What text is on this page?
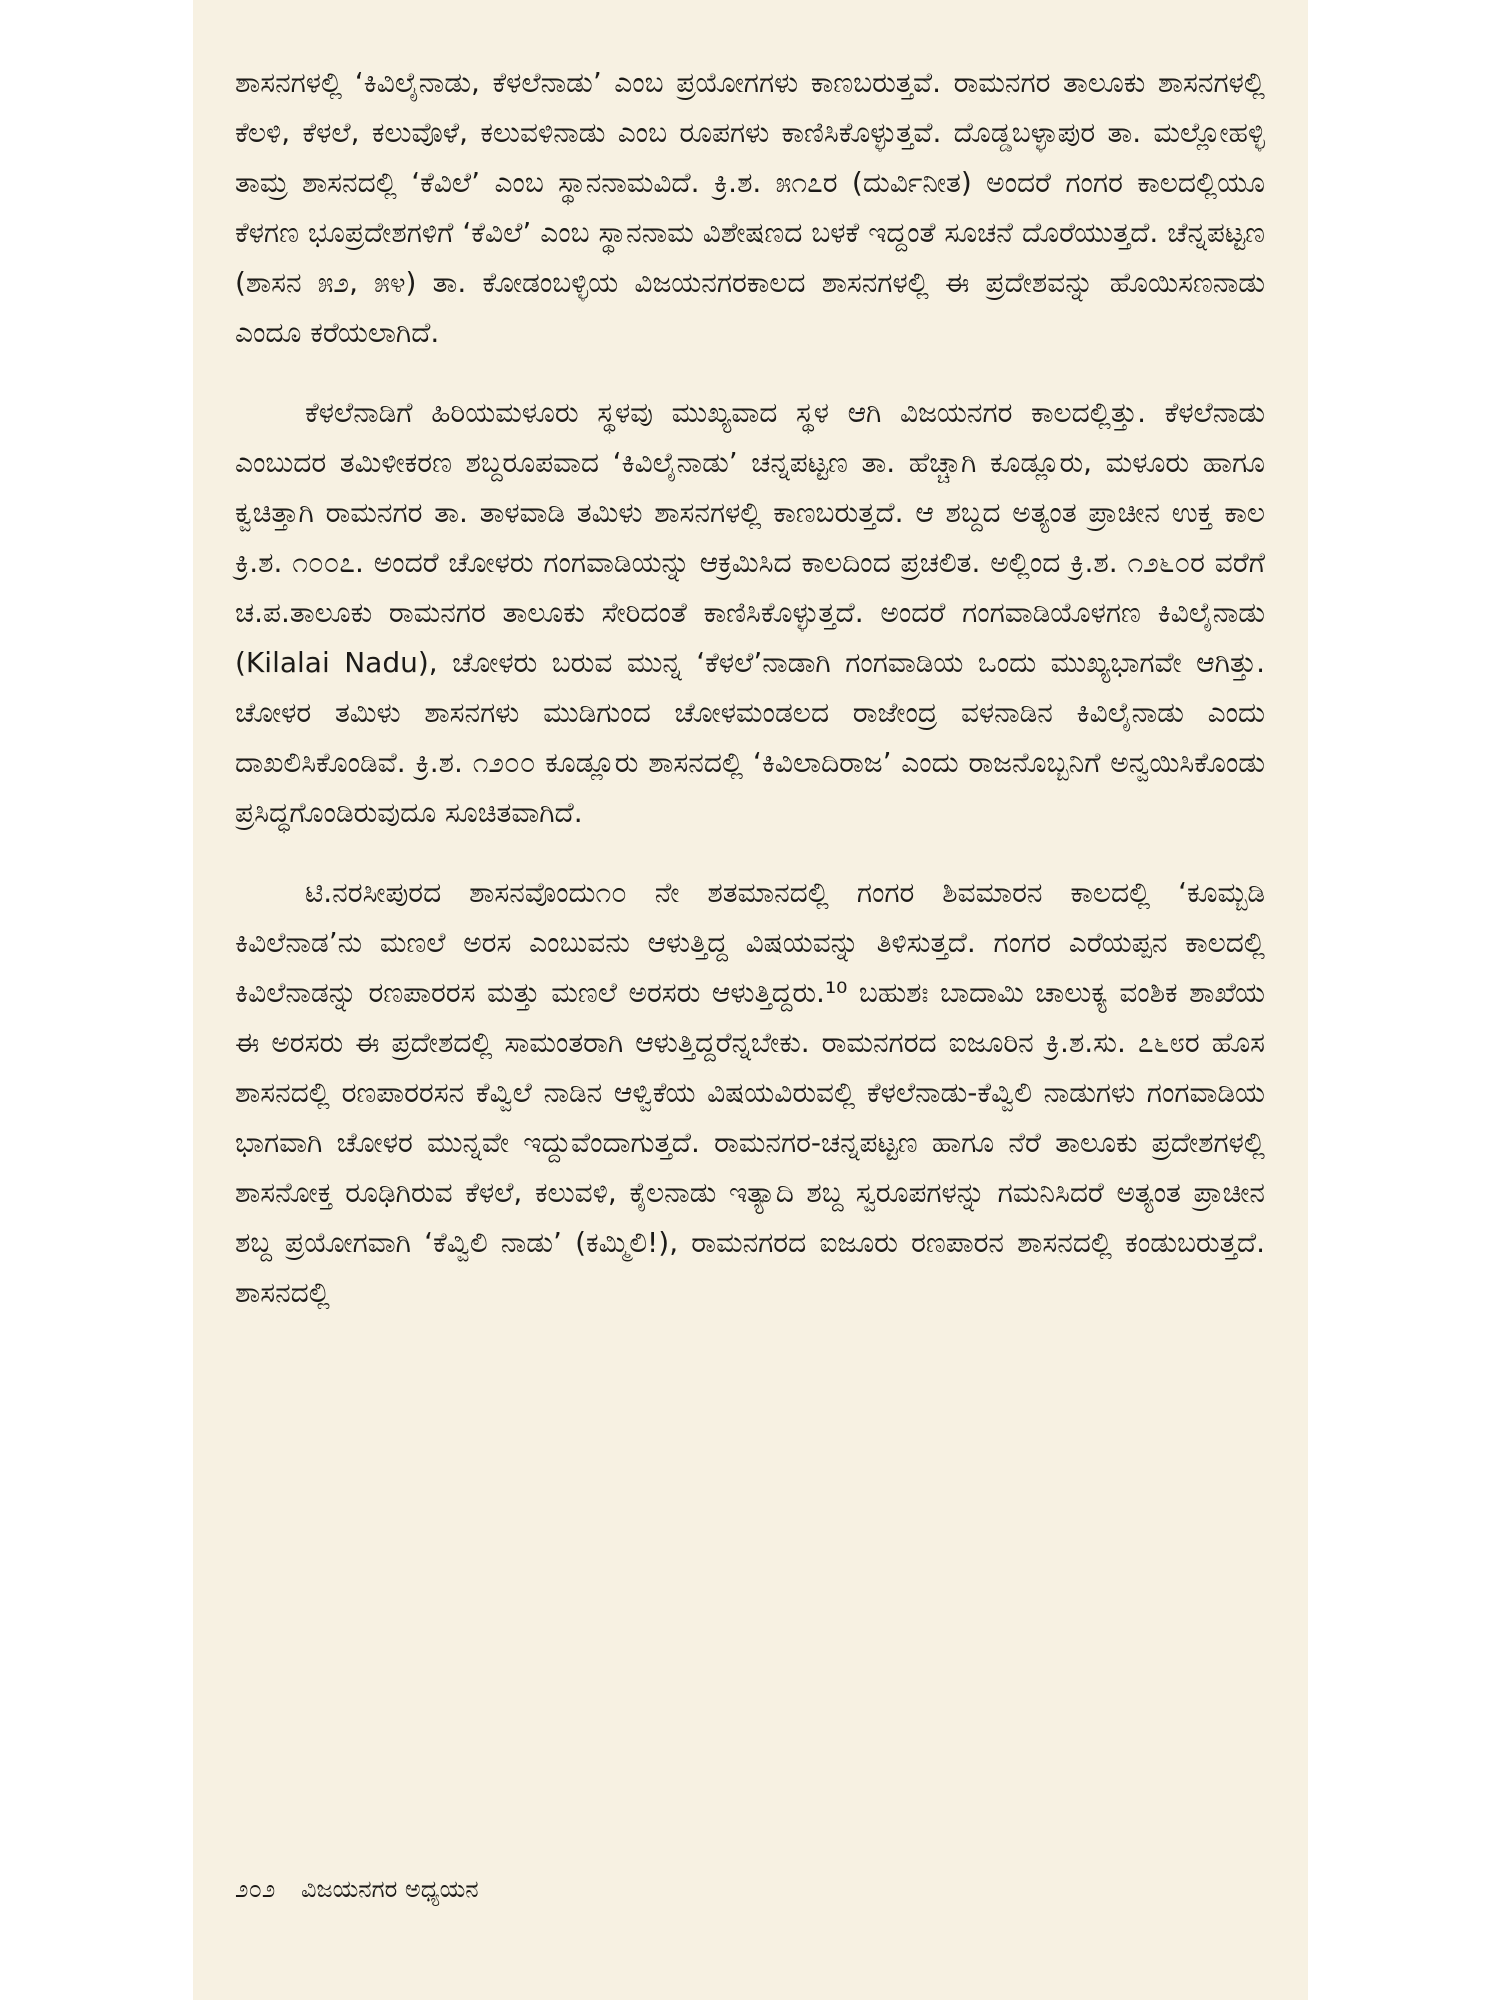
ಶಾಸನಗಳಲ್ಲಿ ‘ಕಿವಿಲೈನಾಡು, ಕೆಳಲೆನಾಡು’ ಎಂಬ ಪ್ರಯೋಗಗಳು ಕಾಣಬರುತ್ತವೆ. ರಾಮನಗರ ತಾಲೂಕು ಶಾಸನಗಳಲ್ಲಿ ಕೆಲಳಿ, ಕೆಳಲೆ, ಕಲುವೊಳೆ, ಕಲುವಳಿನಾಡು ಎಂಬ ರೂಪಗಳು ಕಾಣಿಸಿಕೊಳ್ಳುತ್ತವೆ. ದೊಡ್ಡಬಳ್ಳಾಪುರ ತಾ. ಮಲ್ಲೋಹಳ್ಳಿ ತಾಮ್ರ ಶಾಸನದಲ್ಲಿ ‘ಕೆವಿಲೆ’ ಎಂಬ ಸ್ಥಾನನಾಮವಿದೆ. ಕ್ರಿ.ಶ. ೫೧೭ರ (ದುರ್ವಿನೀತ) ಅಂದರೆ ಗಂಗರ ಕಾಲದಲ್ಲಿಯೂ ಕೆಳಗಣ ಭೂಪ್ರದೇಶಗಳಿಗೆ ‘ಕೆವಿಲೆ’ ಎಂಬ ಸ್ಥಾನನಾಮ ವಿಶೇಷಣದ ಬಳಕೆ ಇದ್ದಂತೆ ಸೂಚನೆ ದೊರೆಯುತ್ತದೆ. ಚೆನ್ನಪಟ್ಟಣ (ಶಾಸನ ೫೨, ೫೪) ತಾ. ಕೋಡಂಬಳ್ಳಿಯ ವಿಜಯನಗರಕಾಲದ ಶಾಸನಗಳಲ್ಲಿ ಈ ಪ್ರದೇಶವನ್ನು ಹೊಯಿಸಣನಾಡು ಎಂದೂ ಕರೆಯಲಾಗಿದೆ.

ಕೆಳಲೆನಾಡಿಗೆ ಹಿರಿಯಮಳೂರು ಸ್ಥಳವು ಮುಖ್ಯವಾದ ಸ್ಥಳ ಆಗಿ ವಿಜಯನಗರ ಕಾಲದಲ್ಲಿತ್ತು. ಕೆಳಲೆನಾಡು ಎಂಬುದರ ತಮಿಳೀಕರಣ ಶಬ್ದರೂಪವಾದ ‘ಕಿವಿಲೈನಾಡು’ ಚನ್ನಪಟ್ಟಣ ತಾ. ಹೆಚ್ಚಾಗಿ ಕೂಡ್ಲೂರು, ಮಳೂರು ಹಾಗೂ ಕ್ವಚಿತ್ತಾಗಿ ರಾಮನಗರ ತಾ. ತಾಳವಾಡಿ ತಮಿಳು ಶಾಸನಗಳಲ್ಲಿ ಕಾಣಬರುತ್ತದೆ. ಆ ಶಬ್ದದ ಅತ್ಯಂತ ಪ್ರಾಚೀನ ಉಕ್ತ ಕಾಲ ಕ್ರಿ.ಶ. ೧೦೦೭. ಅಂದರೆ ಚೋಳರು ಗಂಗವಾಡಿಯನ್ನು ಆಕ್ರಮಿಸಿದ ಕಾಲದಿಂದ ಪ್ರಚಲಿತ. ಅಲ್ಲಿಂದ ಕ್ರಿ.ಶ. ೧೨೬೦ರ ವರೆಗೆ ಚ.ಪ.ತಾಲೂಕು ರಾಮನಗರ ತಾಲೂಕು ಸೇರಿದಂತೆ ಕಾಣಿಸಿಕೊಳ್ಳುತ್ತದೆ. ಅಂದರೆ ಗಂಗವಾಡಿಯೊಳಗಣ ಕಿವಿಲೈನಾಡು (Kilalai Nadu), ಚೋಳರು ಬರುವ ಮುನ್ನ ‘ಕೆಳಲೆ’ನಾಡಾಗಿ ಗಂಗವಾಡಿಯ ಒಂದು ಮುಖ್ಯಭಾಗವೇ ಆಗಿತ್ತು. ಚೋಳರ ತಮಿಳು ಶಾಸನಗಳು ಮುಡಿಗುಂದ ಚೋಳಮಂಡಲದ ರಾಜೇಂದ್ರ ವಳನಾಡಿನ ಕಿವಿಲೈನಾಡು ಎಂದು ದಾಖಲಿಸಿಕೊಂಡಿವೆ. ಕ್ರಿ.ಶ. ೧೨೦೦ ಕೂಡ್ಲೂರು ಶಾಸನದಲ್ಲಿ ‘ಕಿವಿಲಾದಿರಾಜ’ ಎಂದು ರಾಜನೊಬ್ಬನಿಗೆ ಅನ್ವಯಿಸಿಕೊಂಡು ಪ್ರಸಿದ್ಧಗೊಂಡಿರುವುದೂ ಸೂಚಿತವಾಗಿದೆ.

ಟಿ.ನರಸೀಪುರದ ಶಾಸನವೊಂದು೧೦ ನೇ ಶತಮಾನದಲ್ಲಿ ಗಂಗರ ಶಿವಮಾರನ ಕಾಲದಲ್ಲಿ ‘ಕೂಮ್ಬಡಿ ಕಿವಿಲೆನಾಡ’ನು ಮಣಲೆ ಅರಸ ಎಂಬುವನು ಆಳುತ್ತಿದ್ದ ವಿಷಯವನ್ನು ತಿಳಿಸುತ್ತದೆ. ಗಂಗರ ಎರೆಯಪ್ಪನ ಕಾಲದಲ್ಲಿ ಕಿವಿಲೆನಾಡನ್ನು ರಣಪಾರರಸ ಮತ್ತು ಮಣಲೆ ಅರಸರು ಆಳುತ್ತಿದ್ದರು.¹⁰ ಬಹುಶಃ ಬಾದಾಮಿ ಚಾಲುಕ್ಯ ವಂಶಿಕ ಶಾಖೆಯ ಈ ಅರಸರು ಈ ಪ್ರದೇಶದಲ್ಲಿ ಸಾಮಂತರಾಗಿ ಆಳುತ್ತಿದ್ದರೆನ್ನಬೇಕು. ರಾಮನಗರದ ಐಜೂರಿನ ಕ್ರಿ.ಶ.ಸು. ೭೬೮ರ ಹೊಸ ಶಾಸನದಲ್ಲಿ ರಣಪಾರರಸನ ಕೆವ್ವಿಲೆ ನಾಡಿನ ಆಳ್ವಿಕೆಯ ವಿಷಯವಿರುವಲ್ಲಿ ಕೆಳಲೆನಾಡು-ಕೆವ್ವಿಲಿ ನಾಡುಗಳು ಗಂಗವಾಡಿಯ ಭಾಗವಾಗಿ ಚೋಳರ ಮುನ್ನವೇ ಇದ್ದುವೆಂದಾಗುತ್ತದೆ. ರಾಮನಗರ-ಚನ್ನಪಟ್ಟಣ ಹಾಗೂ ನೆರೆ ತಾಲೂಕು ಪ್ರದೇಶಗಳಲ್ಲಿ ಶಾಸನೋಕ್ತ ರೂಢಿಗಿರುವ ಕೆಳಲೆ, ಕಲುವಳಿ, ಕೈಲನಾಡು ಇತ್ಯಾದಿ ಶಬ್ದ ಸ್ವರೂಪಗಳನ್ನು ಗಮನಿಸಿದರೆ ಅತ್ಯಂತ ಪ್ರಾಚೀನ ಶಬ್ದ ಪ್ರಯೋಗವಾಗಿ ‘ಕೆವ್ವಿಲಿ ನಾಡು’ (ಕಮ್ಮಿಲಿ!), ರಾಮನಗರದ ಐಜೂರು ರಣಪಾರನ ಶಾಸನದಲ್ಲಿ ಕಂಡುಬರುತ್ತದೆ. ಶಾಸನದಲ್ಲಿ

೨೦೨ ವಿಜಯನಗರ ಅಧ್ಯಯನ
